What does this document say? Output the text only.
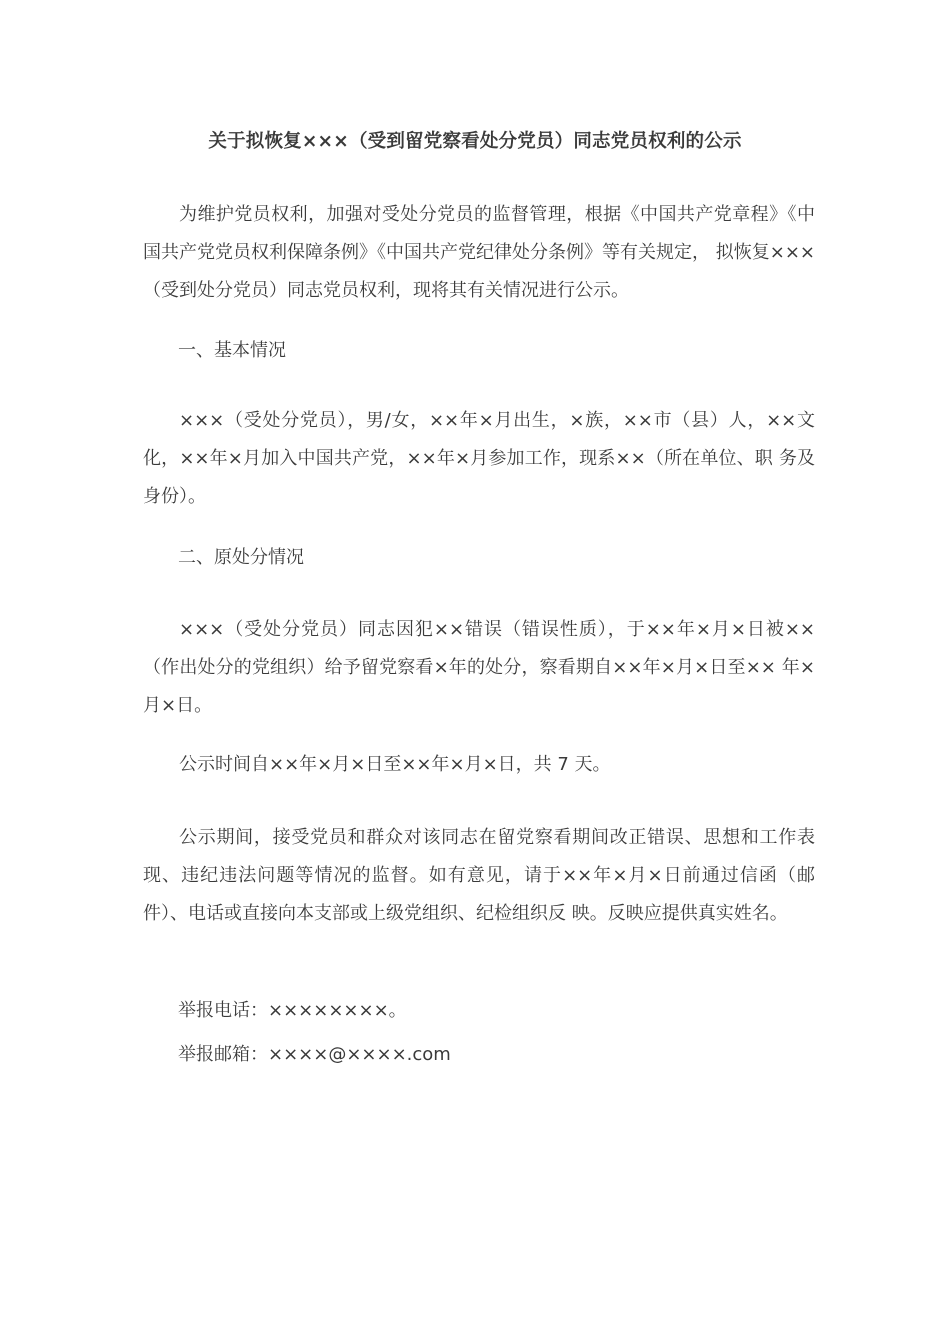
关于拟恢复×××（受到留党察看处分党员）同志党员权利的公示

为维护党员权利，加强对受处分党员的监督管理，根据《中国共产党章程》《中国共产党党员权利保障条例》《中国共产党纪律处分条例》等有关规定， 拟恢复×××（受到处分党员）同志党员权利，现将其有关情况进行公示。

一、基本情况

×××（受处分党员），男/女，××年×月出生，×族，××市（县）人，××文化，××年×月加入中国共产党，××年×月参加工作，现系××（所在单位、职 务及身份）。

二、原处分情况

×××（受处分党员）同志因犯××错误（错误性质），于××年×月×日被×× （作出处分的党组织）给予留党察看×年的处分，察看期自××年×月×日至×× 年×月×日。

公示时间自××年×月×日至××年×月×日，共 7 天。

公示期间，接受党员和群众对该同志在留党察看期间改正错误、思想和工作表现、违纪违法问题等情况的监督。如有意见，请于××年×月×日前通过信函（邮件）、电话或直接向本支部或上级党组织、纪检组织反 映。反映应提供真实姓名。

举报电话：××××××××。

举报邮箱：××××@××××.com
